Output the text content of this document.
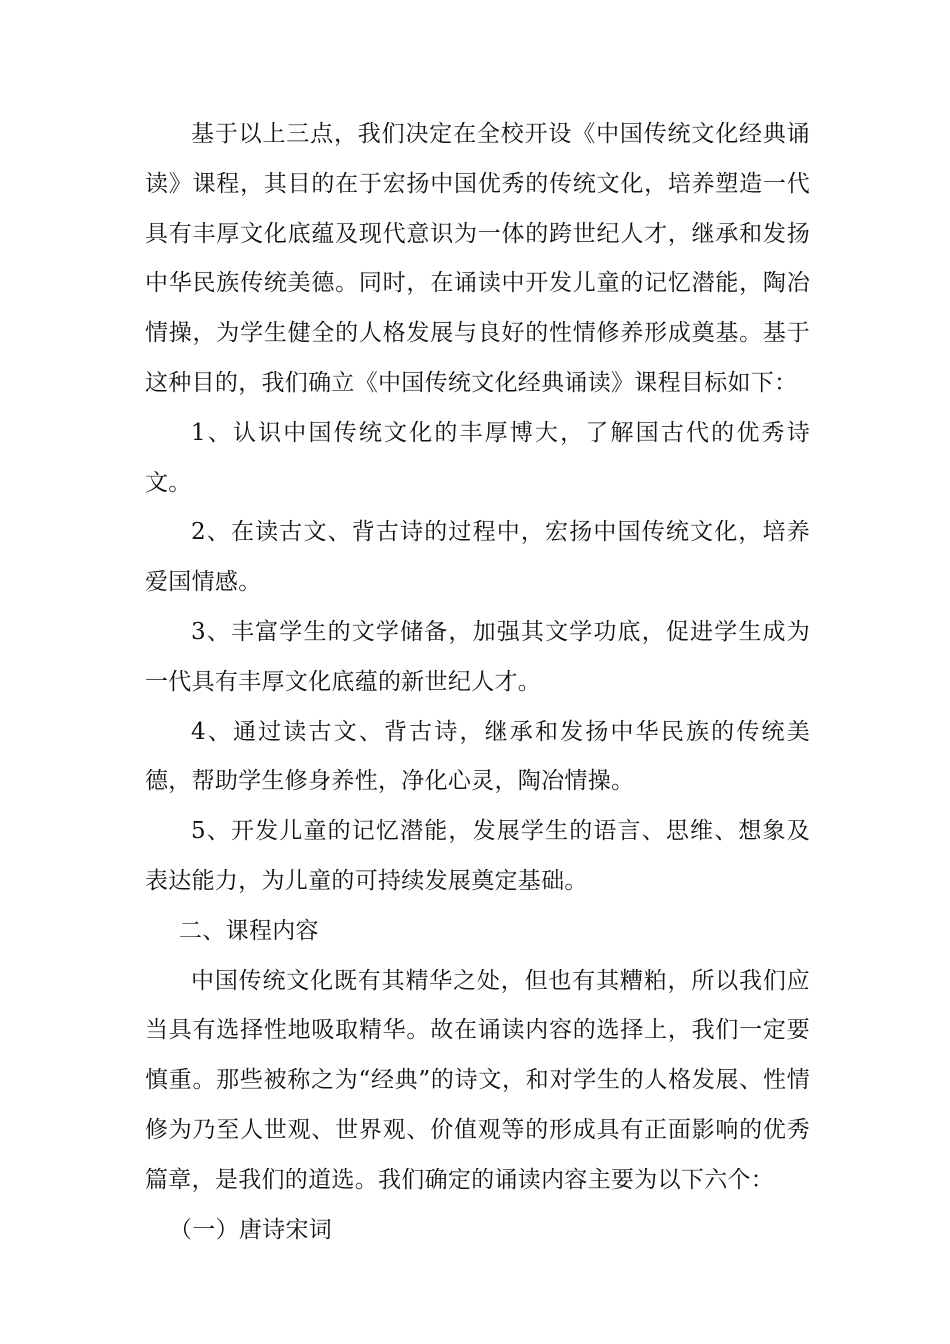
基于以上三点，我们决定在全校开设《中国传统文化经典诵读》课程，其目的在于宏扬中国优秀的传统文化，培养塑造一代具有丰厚文化底蕴及现代意识为一体的跨世纪人才，继承和发扬中华民族传统美德。同时，在诵读中开发儿童的记忆潜能，陶冶情操，为学生健全的人格发展与良好的性情修养形成奠基。基于这种目的，我们确立《中国传统文化经典诵读》课程目标如下：

1、认识中国传统文化的丰厚博大，了解国古代的优秀诗文。

2、在读古文、背古诗的过程中，宏扬中国传统文化，培养爱国情感。

3、丰富学生的文学储备，加强其文学功底，促进学生成为一代具有丰厚文化底蕴的新世纪人才。

4、通过读古文、背古诗，继承和发扬中华民族的传统美德，帮助学生修身养性，净化心灵，陶冶情操。

5、开发儿童的记忆潜能，发展学生的语言、思维、想象及表达能力，为儿童的可持续发展奠定基础。

二、课程内容

中国传统文化既有其精华之处，但也有其糟粕，所以我们应当具有选择性地吸取精华。故在诵读内容的选择上，我们一定要慎重。那些被称之为“经典”的诗文，和对学生的人格发展、性情修为乃至人世观、世界观、价值观等的形成具有正面影响的优秀篇章，是我们的道选。我们确定的诵读内容主要为以下六个：

（一）唐诗宋词
